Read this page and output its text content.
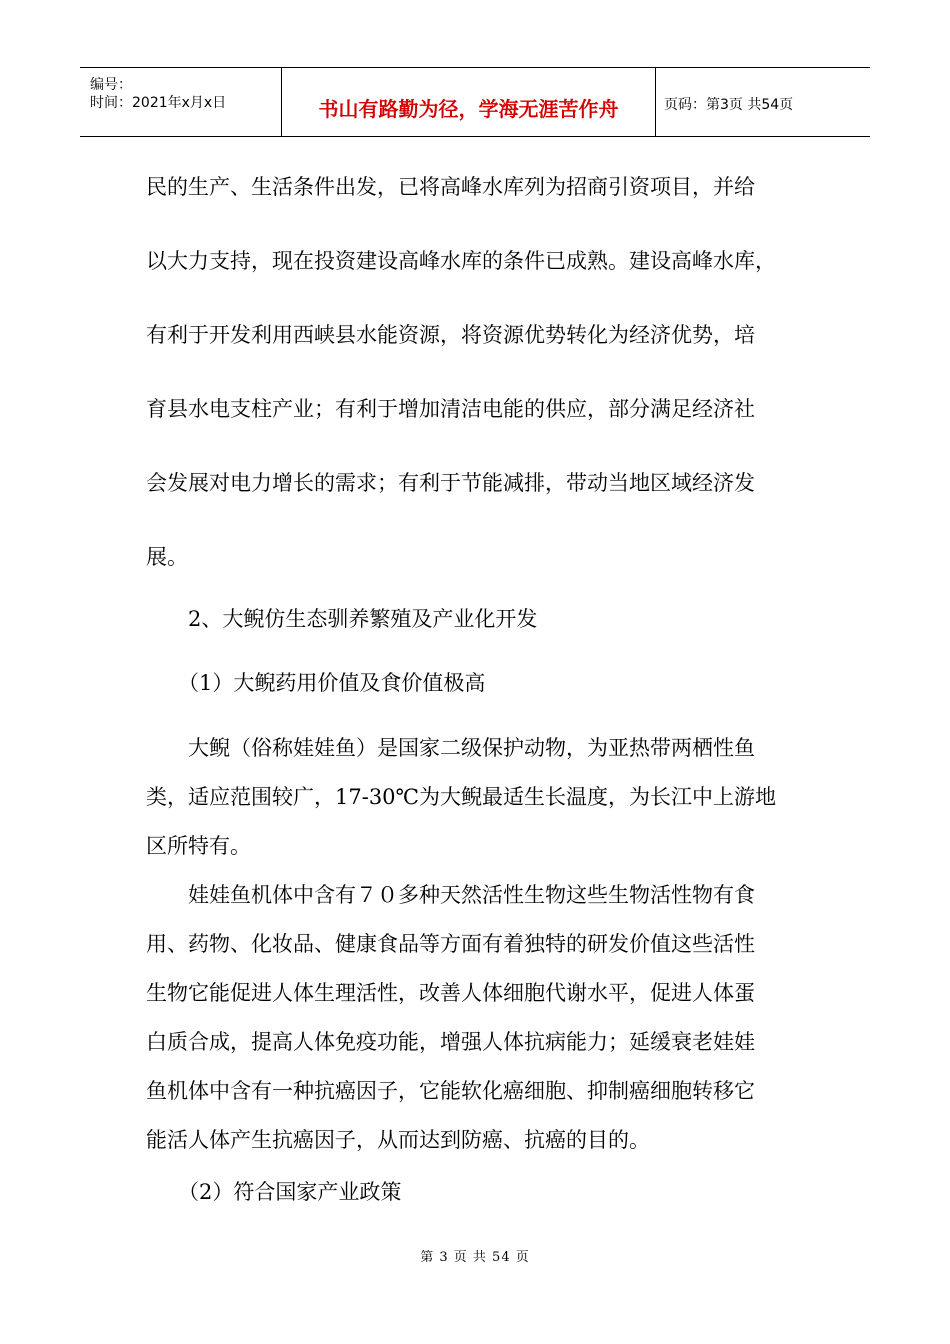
编号：
时间：2021年x月x日	书山有路勤为径，学海无涯苦作舟	页码：第3页 共54页
民的生产、生活条件出发，已将高峰水库列为招商引资项目，并给
以大力支持，现在投资建设高峰水库的条件已成熟。建设高峰水库，
有利于开发利用西峡县水能资源，将资源优势转化为经济优势，培
育县水电支柱产业；有利于增加清洁电能的供应，部分满足经济社
会发展对电力增长的需求；有利于节能减排，带动当地区域经济发
展。
2、大鲵仿生态驯养繁殖及产业化开发
（1）大鲵药用价值及食价值极高
大鲵（俗称娃娃鱼）是国家二级保护动物，为亚热带两栖性鱼
类，适应范围较广，17-30℃为大鲵最适生长温度，为长江中上游地
区所特有。
娃娃鱼机体中含有７０多种天然活性生物这些生物活性物有食
用、药物、化妆品、健康食品等方面有着独特的研发价值这些活性
生物它能促进人体生理活性，改善人体细胞代谢水平，促进人体蛋
白质合成，提高人体免疫功能，增强人体抗病能力；延缓衰老娃娃
鱼机体中含有一种抗癌因子，它能软化癌细胞、抑制癌细胞转移它
能活人体产生抗癌因子，从而达到防癌、抗癌的目的。
（2）符合国家产业政策
第 3 页 共 54 页
